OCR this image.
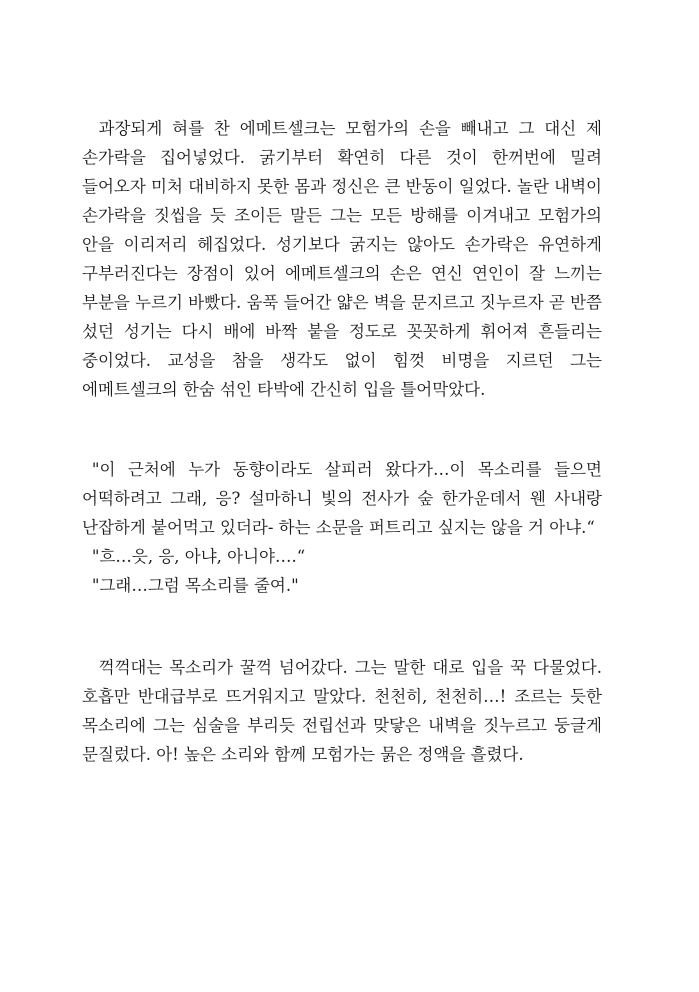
과장되게 혀를 찬 에메트셀크는 모험가의 손을 빼내고 그 대신 제 손가락을 집어넣었다. 굵기부터 확연히 다른 것이 한꺼번에 밀려 들어오자 미처 대비하지 못한 몸과 정신은 큰 반동이 일었다. 놀란 내벽이 손가락을 짓씹을 듯 조이든 말든 그는 모든 방해를 이겨내고 모험가의 안을 이리저리 헤집었다. 성기보다 굵지는 않아도 손가락은 유연하게 구부러진다는 장점이 있어 에메트셀크의 손은 연신 연인이 잘 느끼는 부분을 누르기 바빴다. 움푹 들어간 얇은 벽을 문지르고 짓누르자 곧 반쯤 섰던 성기는 다시 배에 바짝 붙을 정도로 꼿꼿하게 휘어져 흔들리는 중이었다. 교성을 참을 생각도 없이 힘껏 비명을 지르던 그는 에메트셀크의 한숨 섞인 타박에 간신히 입을 틀어막았다.

"이 근처에 누가 동향이라도 살피러 왔다가…이 목소리를 들으면 어떡하려고 그래, 응? 설마하니 빛의 전사가 숲 한가운데서 웬 사내랑 난잡하게 붙어먹고 있더라- 하는 소문을 퍼트리고 싶지는 않을 거 아냐.“

"흐…읏, 응, 아냐, 아니야….“

"그래…그럼 목소리를 줄여."

꺽꺽대는 목소리가 꿀꺽 넘어갔다. 그는 말한 대로 입을 꾹 다물었다. 호흡만 반대급부로 뜨거워지고 말았다. 천천히, 천천히…! 조르는 듯한 목소리에 그는 심술을 부리듯 전립선과 맞닿은 내벽을 짓누르고 둥글게 문질렀다. 아! 높은 소리와 함께 모험가는 묽은 정액을 흘렸다.
